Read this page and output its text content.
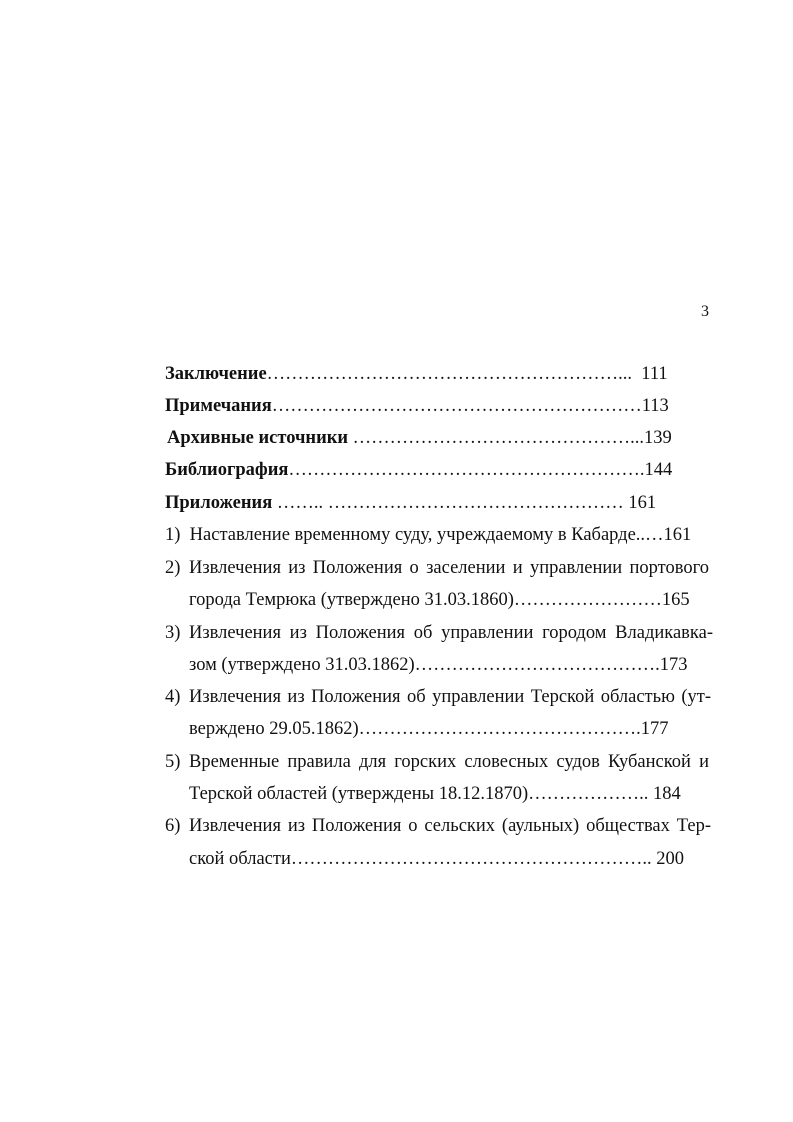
3
Заключение…………………………………………………... 111
Примечания……………………………………………………113
Архивные источники ………………………………………...139
Библиография………………………………………………….144
Приложения …….. ………………………………………… 161
1) Наставление временному суду, учреждаемому в Кабарде..…161
2) Извлечения из Положения о заселении и управлении портового
города Темрюка (утверждено 31.03.1860)……………………165
3) Извлечения из Положения об управлении городом Владикавка-
зом (утверждено 31.03.1862)………………………………….173
4) Извлечения из Положения об управлении Терской областью (ут-
верждено 29.05.1862)……………………………………….177
5) Временные правила для горских словесных судов Кубанской и
Терской областей (утверждены 18.12.1870)……………….. 184
6) Извлечения из Положения о сельских (аульных) обществах Тер-
ской области………………………………………………….. 200
